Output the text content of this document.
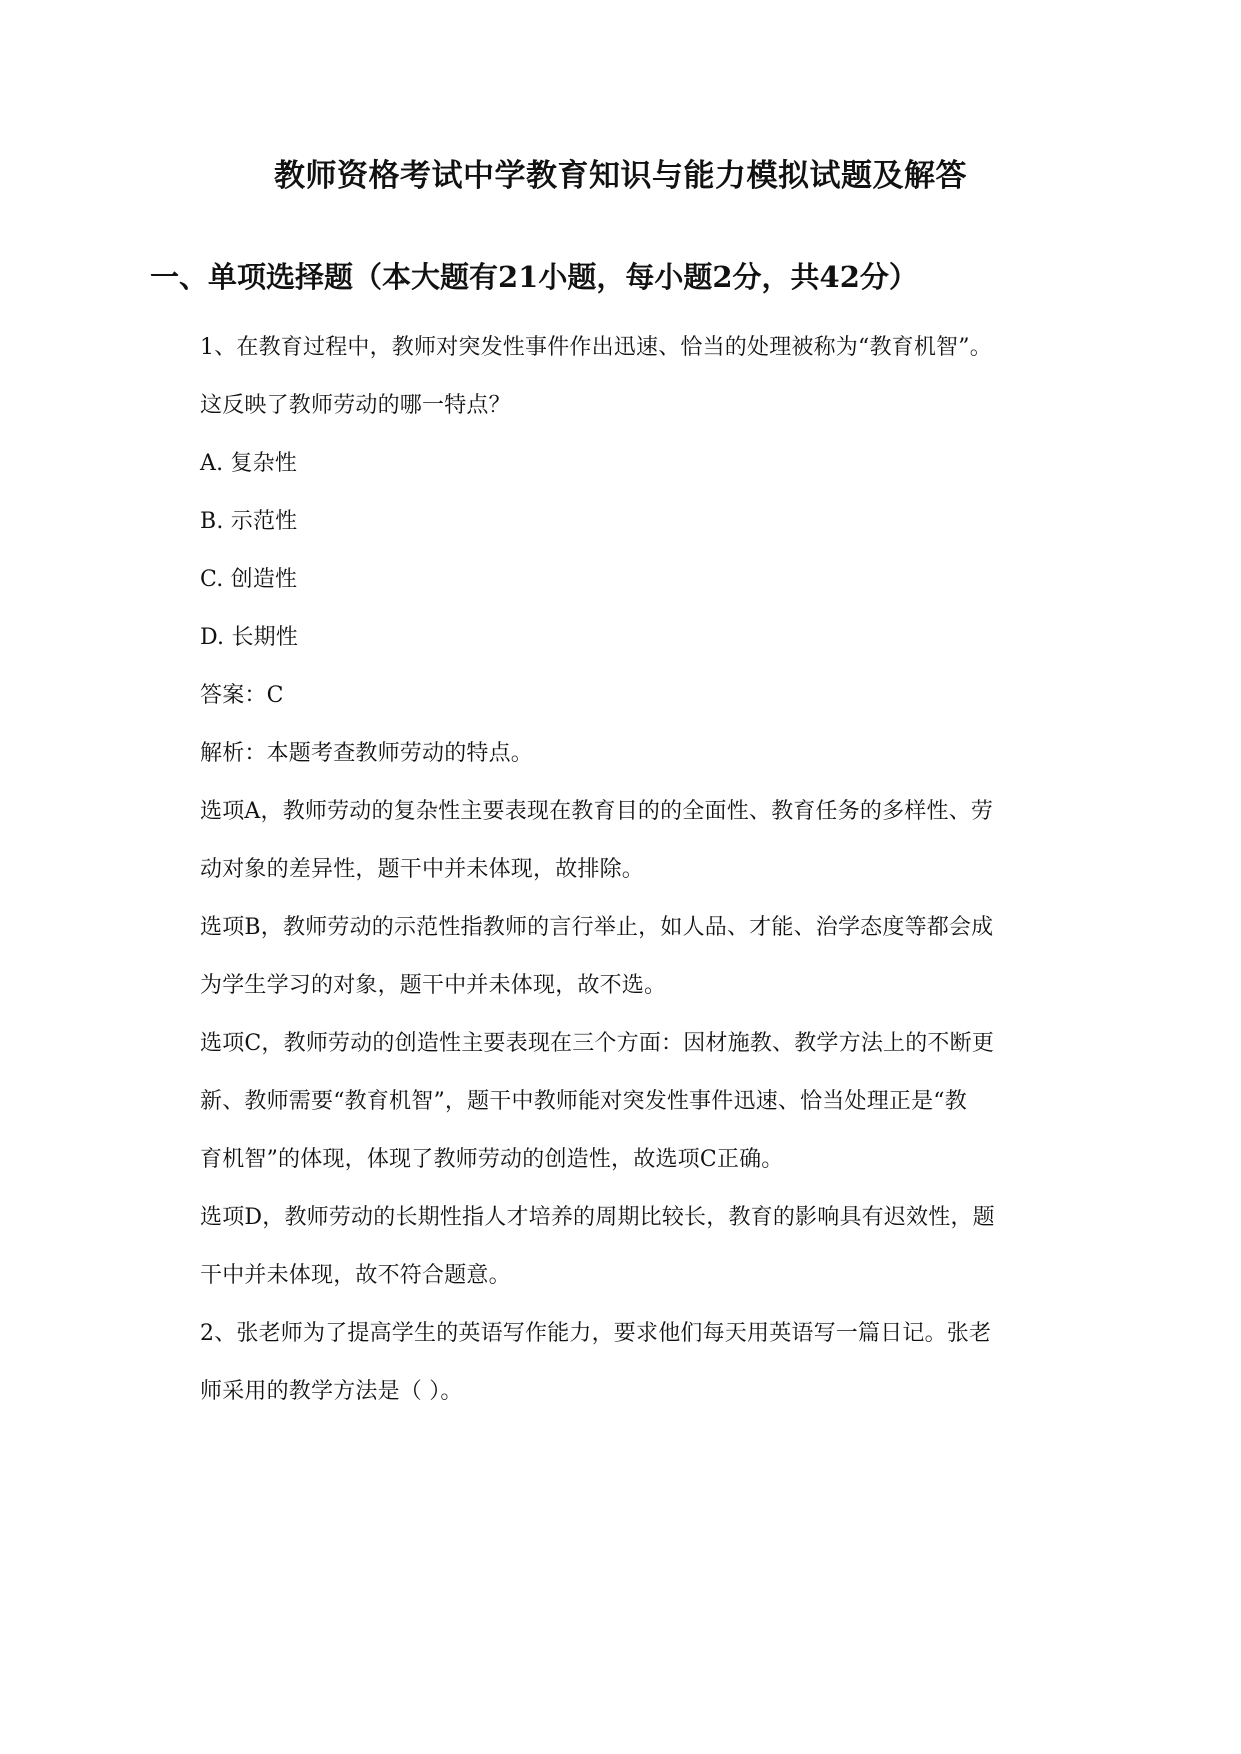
教师资格考试中学教育知识与能力模拟试题及解答
一、单项选择题（本大题有21小题，每小题2分，共42分）

1、在教育过程中，教师对突发性事件作出迅速、恰当的处理被称为“教育机智”。

这反映了教师劳动的哪一特点？

A. 复杂性

B. 示范性

C. 创造性

D. 长期性

答案：C

解析：本题考查教师劳动的特点。

选项A，教师劳动的复杂性主要表现在教育目的的全面性、教育任务的多样性、劳

动对象的差异性，题干中并未体现，故排除。

选项B，教师劳动的示范性指教师的言行举止，如人品、才能、治学态度等都会成

为学生学习的对象，题干中并未体现，故不选。

选项C，教师劳动的创造性主要表现在三个方面：因材施教、教学方法上的不断更

新、教师需要“教育机智”，题干中教师能对突发性事件迅速、恰当处理正是“教

育机智”的体现，体现了教师劳动的创造性，故选项C正确。

选项D，教师劳动的长期性指人才培养的周期比较长，教育的影响具有迟效性，题

干中并未体现，故不符合题意。

2、张老师为了提高学生的英语写作能力，要求他们每天用英语写一篇日记。张老

师采用的教学方法是（ ）。
